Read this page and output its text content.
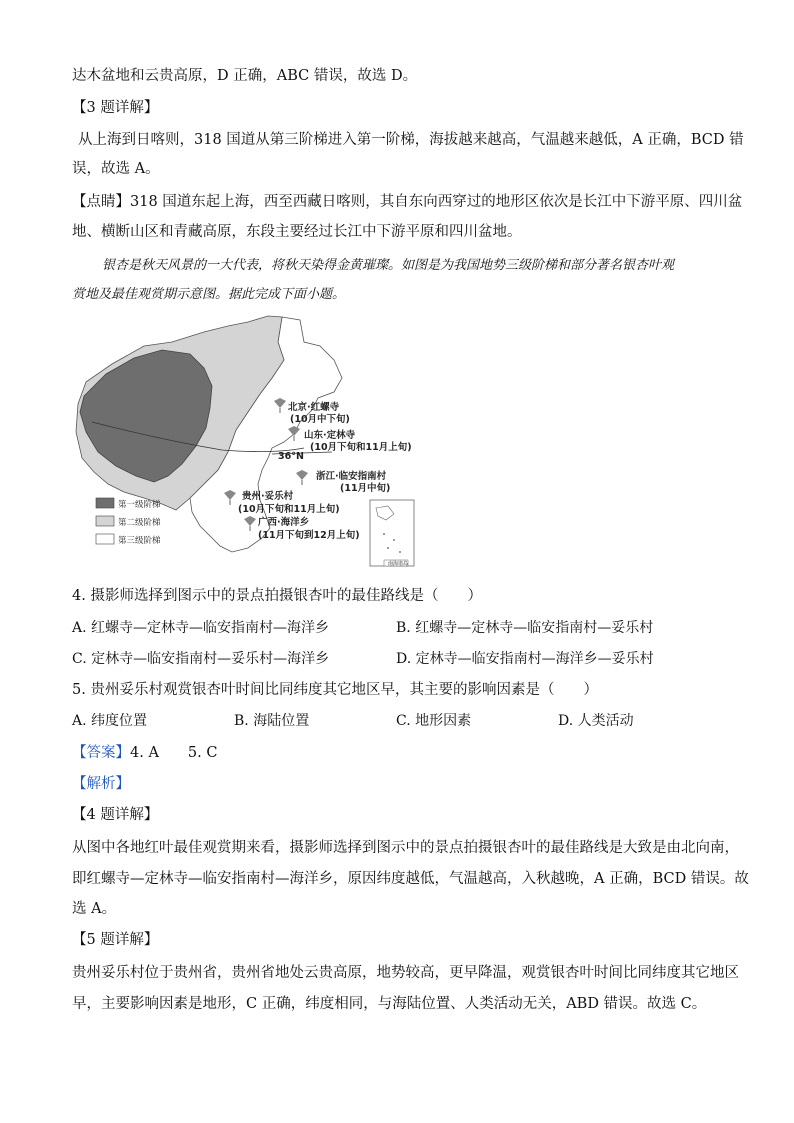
达木盆地和云贵高原，D 正确，ABC 错误，故选 D。
【3 题详解】
从上海到日喀则，318 国道从第三阶梯进入第一阶梯，海拔越来越高，气温越来越低，A 正确，BCD 错
误，故选 A。
【点睛】318 国道东起上海，西至西藏日喀则，其自东向西穿过的地形区依次是长江中下游平原、四川盆
地、横断山区和青藏高原，东段主要经过长江中下游平原和四川盆地。
银杏是秋天风景的一大代表，将秋天染得金黄璀璨。如图是为我国地势三级阶梯和部分著名银杏叶观
赏地及最佳观赏期示意图。据此完成下面小题。
36°N
北京·红螺寺
(10月中下旬)
山东·定林寺
(10月下旬和11月上旬)
浙江·临安指南村
(11月中旬)
贵州·妥乐村
(10月下旬和11月上旬)
广西·海洋乡
(11月下旬到12月上旬)
第一级阶梯
第二级阶梯
第三级阶梯
南海诸岛
4. 摄影师选择到图示中的景点拍摄银杏叶的最佳路线是（　　）
A. 红螺寺—定林寺—临安指南村—海洋乡	B. 红螺寺—定林寺—临安指南村—妥乐村
C. 定林寺—临安指南村—妥乐村—海洋乡	D. 定林寺—临安指南村—海洋乡—妥乐村
5. 贵州妥乐村观赏银杏叶时间比同纬度其它地区早，其主要的影响因素是（　　）
A. 纬度位置	B. 海陆位置	C. 地形因素	D. 人类活动
【答案】4. A　　5. C
【解析】
【4 题详解】
从图中各地红叶最佳观赏期来看，摄影师选择到图示中的景点拍摄银杏叶的最佳路线是大致是由北向南，
即红螺寺—定林寺—临安指南村—海洋乡，原因纬度越低，气温越高，入秋越晚，A 正确，BCD 错误。故
选 A。
【5 题详解】
贵州妥乐村位于贵州省，贵州省地处云贵高原，地势较高，更早降温，观赏银杏叶时间比同纬度其它地区
早，主要影响因素是地形，C 正确，纬度相同，与海陆位置、人类活动无关，ABD 错误。故选 C。
